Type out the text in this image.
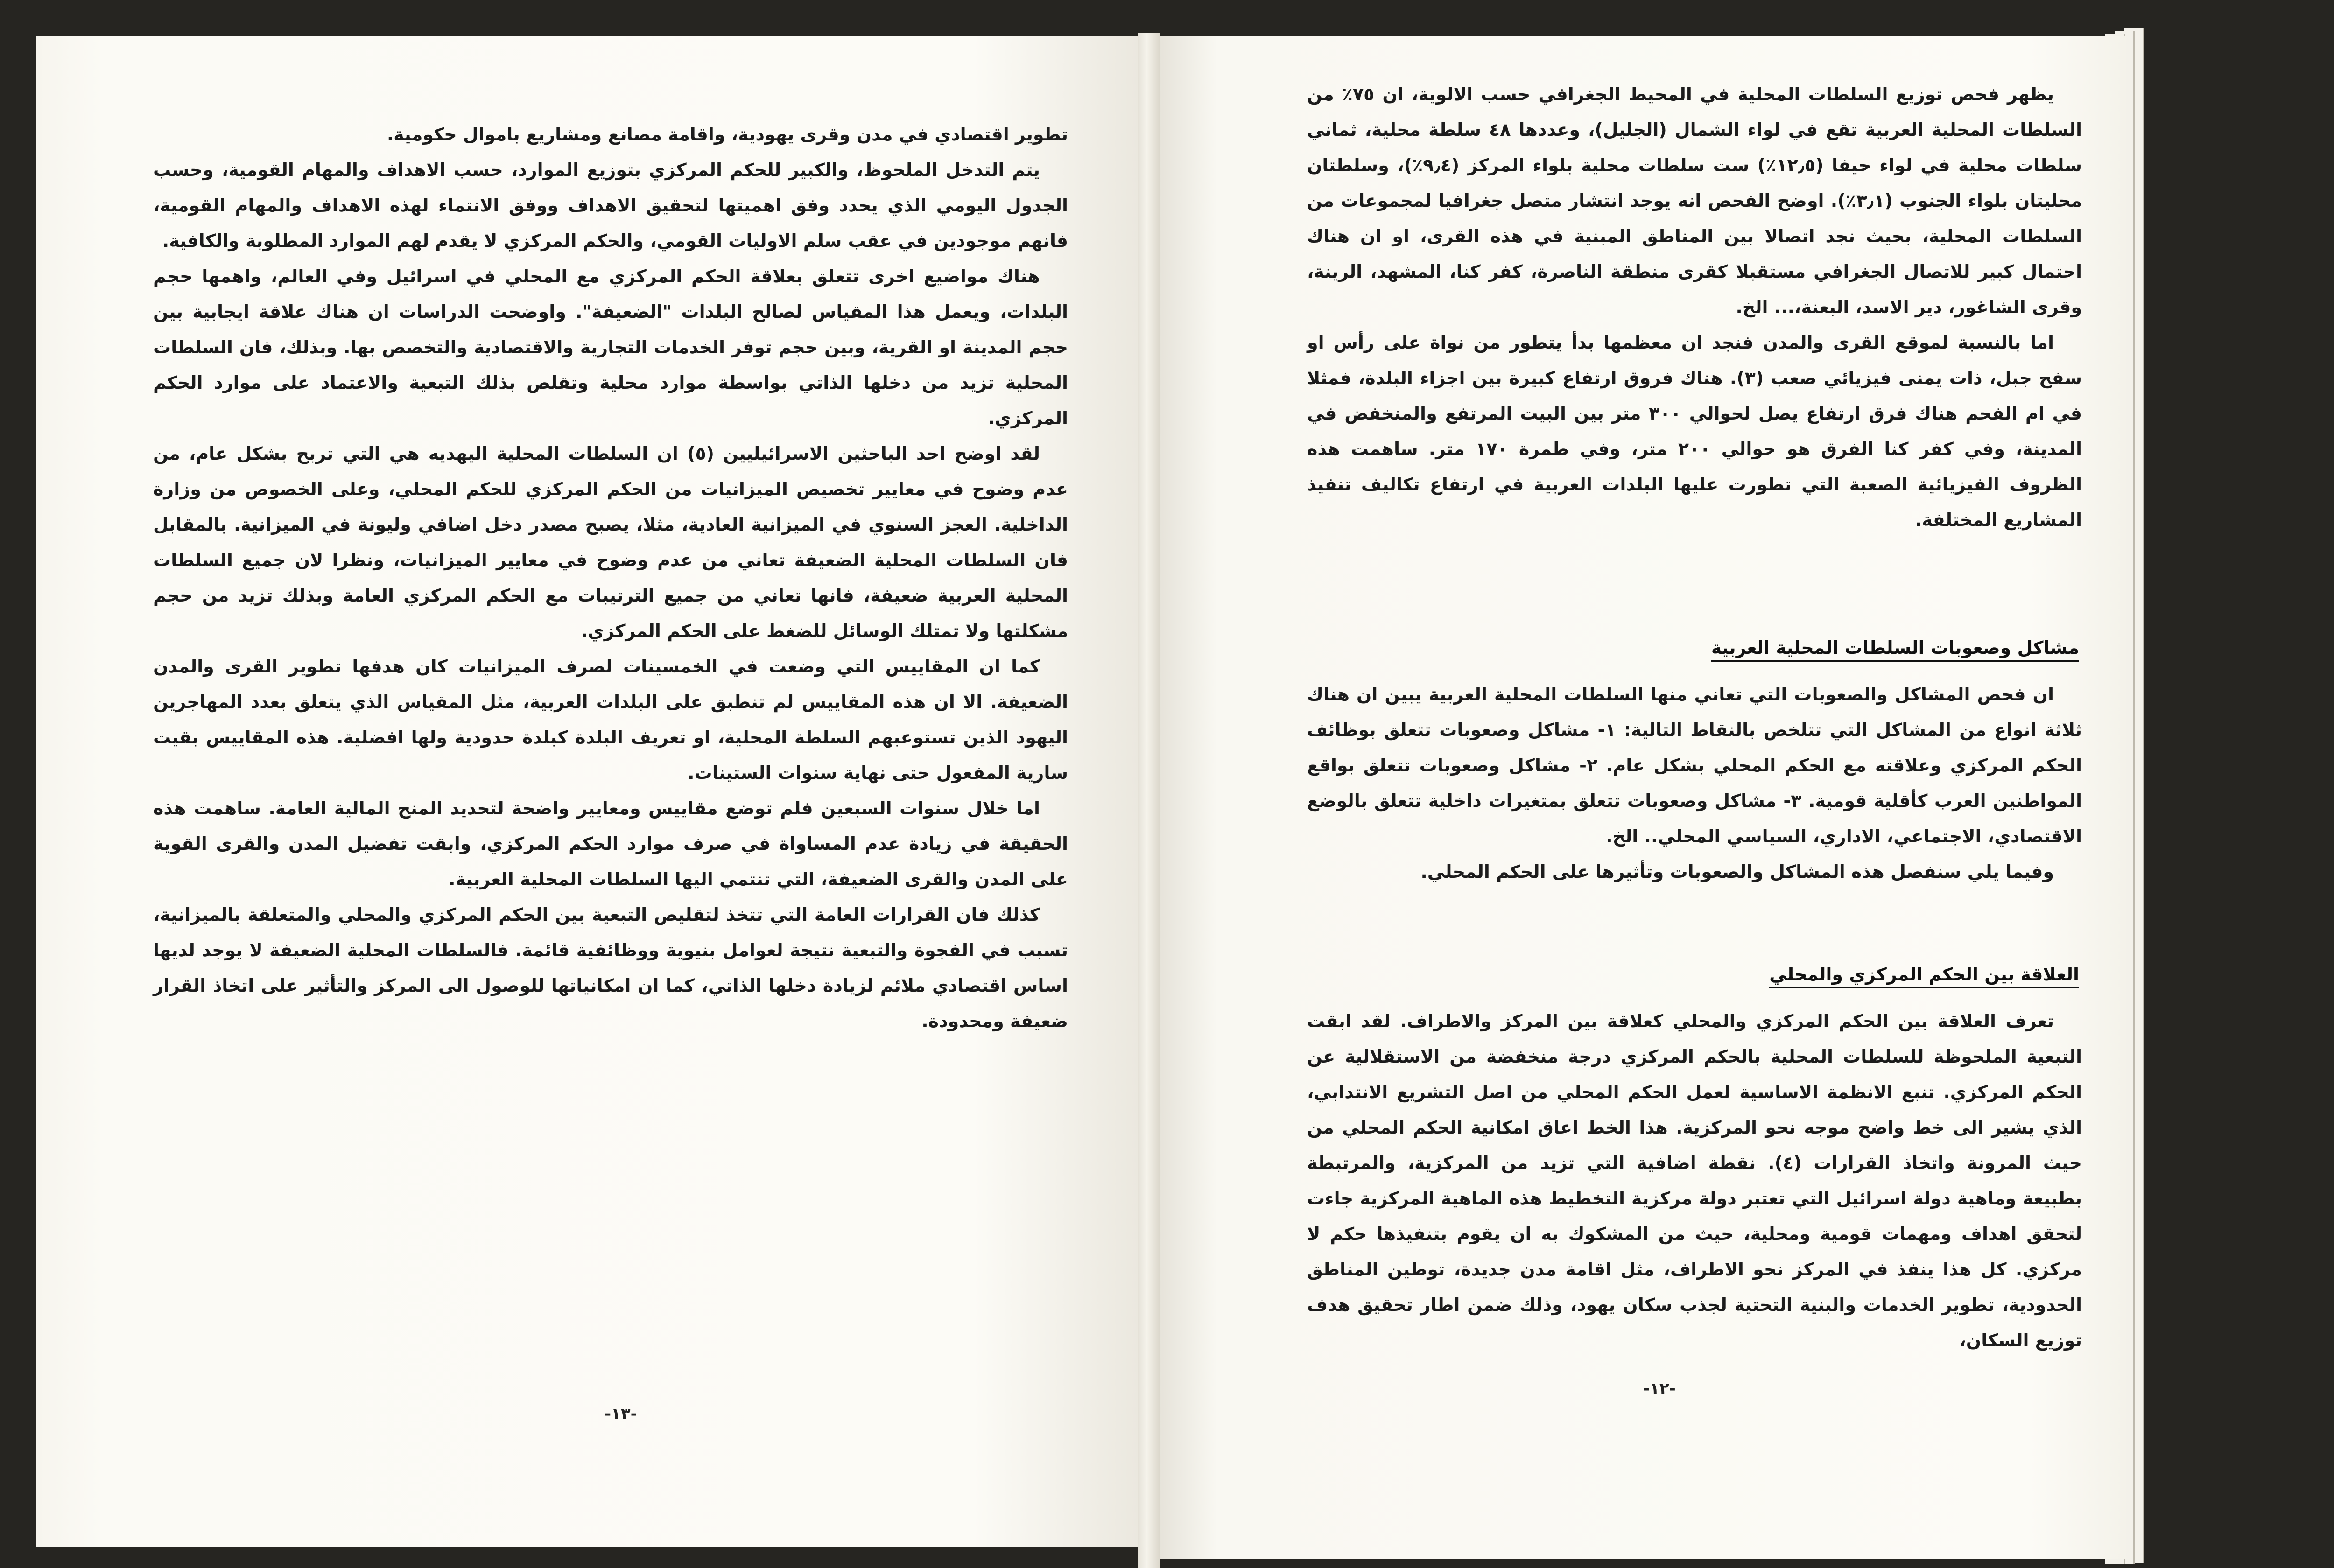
تطوير اقتصادي في مدن وقرى يهودية، واقامة مصانع ومشاريع باموال حكومية.

يتم التدخل الملحوظ، والكبير للحكم المركزي بتوزيع الموارد، حسب الاهداف والمهام القومية، وحسب الجدول اليومي الذي يحدد وفق اهميتها لتحقيق الاهداف ووفق الانتماء لهذه الاهداف والمهام القومية، فانهم موجودين في عقب سلم الاوليات القومي، والحكم المركزي لا يقدم لهم الموارد المطلوبة والكافية.

هناك مواضيع اخرى تتعلق بعلاقة الحكم المركزي مع المحلي في اسرائيل وفي العالم، واهمها حجم البلدات، ويعمل هذا المقياس لصالح البلدات "الضعيفة". واوضحت الدراسات ان هناك علاقة ايجابية بين حجم المدينة او القرية، وبين حجم توفر الخدمات التجارية والاقتصادية والتخصص بها. وبذلك، فان السلطات المحلية تزيد من دخلها الذاتي بواسطة موارد محلية وتقلص بذلك التبعية والاعتماد على موارد الحكم المركزي.

لقد اوضح احد الباحثين الاسرائيليين (٥) ان السلطات المحلية اليهديه هي التي تربح بشكل عام، من عدم وضوح في معايير تخصيص الميزانيات من الحكم المركزي للحكم المحلي، وعلى الخصوص من وزارة الداخلية. العجز السنوي في الميزانية العادية، مثلا، يصبح مصدر دخل اضافي وليونة في الميزانية. بالمقابل فان السلطات المحلية الضعيفة تعاني من عدم وضوح في معايير الميزانيات، ونظرا لان جميع السلطات المحلية العربية ضعيفة، فانها تعاني من جميع الترتيبات مع الحكم المركزي العامة وبذلك تزيد من حجم مشكلتها ولا تمتلك الوسائل للضغط على الحكم المركزي.

كما ان المقاييس التي وضعت في الخمسينات لصرف الميزانيات كان هدفها تطوير القرى والمدن الضعيفة. الا ان هذه المقاييس لم تنطبق على البلدات العربية، مثل المقياس الذي يتعلق بعدد المهاجرين اليهود الذين تستوعبهم السلطة المحلية، او تعريف البلدة كبلدة حدودية ولها افضلية. هذه المقاييس بقيت سارية المفعول حتى نهاية سنوات الستينات.

اما خلال سنوات السبعين فلم توضع مقاييس ومعايير واضحة لتحديد المنح المالية العامة. ساهمت هذه الحقيقة في زيادة عدم المساواة في صرف موارد الحكم المركزي، وابقت تفضيل المدن والقرى القوية على المدن والقرى الضعيفة، التي تنتمي اليها السلطات المحلية العربية.

كذلك فان القرارات العامة التي تتخذ لتقليص التبعية بين الحكم المركزي والمحلي والمتعلقة بالميزانية، تسبب في الفجوة والتبعية نتيجة لعوامل بنيوية ووظائفية قائمة. فالسلطات المحلية الضعيفة لا يوجد لديها اساس اقتصادي ملائم لزيادة دخلها الذاتي، كما ان امكانياتها للوصول الى المركز والتأثير على اتخاذ القرار ضعيفة ومحدودة.

-١٣-

يظهر فحص توزيع السلطات المحلية في المحيط الجغرافي حسب الالوية، ان ٧٥٪ من السلطات المحلية العربية تقع في لواء الشمال (الجليل)، وعددها ٤٨ سلطة محلية، ثماني سلطات محلية في لواء حيفا (١٢٫٥٪) ست سلطات محلية بلواء المركز (٩٫٤٪)، وسلطتان محليتان بلواء الجنوب (٣٫١٪). اوضح الفحص انه يوجد انتشار متصل جغرافيا لمجموعات من السلطات المحلية، بحيث نجد اتصالا بين المناطق المبنية في هذه القرى، او ان هناك احتمال كبير للاتصال الجغرافي مستقبلا كقرى منطقة الناصرة، كفر كنا، المشهد، الرينة، وقرى الشاغور، دير الاسد، البعنة،... الخ.

اما بالنسبة لموقع القرى والمدن فنجد ان معظمها بدأ يتطور من نواة على رأس او سفح جبل، ذات يمنى فيزيائي صعب (٣). هناك فروق ارتفاع كبيرة بين اجزاء البلدة، فمثلا في ام الفحم هناك فرق ارتفاع يصل لحوالي ٣٠٠ متر بين البيت المرتفع والمنخفض في المدينة، وفي كفر كنا الفرق هو حوالي ٢٠٠ متر، وفي طمرة ١٧٠ متر. ساهمت هذه الظروف الفيزيائية الصعبة التي تطورت عليها البلدات العربية في ارتفاع تكاليف تنفيذ المشاريع المختلفة.

مشاكل وصعوبات السلطات المحلية العربية

ان فحص المشاكل والصعوبات التي تعاني منها السلطات المحلية العربية يبين ان هناك ثلاثة انواع من المشاكل التي تتلخص بالنقاط التالية: ١- مشاكل وصعوبات تتعلق بوظائف الحكم المركزي وعلاقته مع الحكم المحلي بشكل عام. ٢- مشاكل وصعوبات تتعلق بواقع المواطنين العرب كأقلية قومية. ٣- مشاكل وصعوبات تتعلق بمتغيرات داخلية تتعلق بالوضع الاقتصادي، الاجتماعي، الاداري، السياسي المحلي.. الخ.

وفيما يلي سنفصل هذه المشاكل والصعوبات وتأثيرها على الحكم المحلي.

العلاقة بين الحكم المركزي والمحلي

تعرف العلاقة بين الحكم المركزي والمحلي كعلاقة بين المركز والاطراف. لقد ابقت التبعية الملحوظة للسلطات المحلية بالحكم المركزي درجة منخفضة من الاستقلالية عن الحكم المركزي. تنبع الانظمة الاساسية لعمل الحكم المحلي من اصل التشريع الانتدابي، الذي يشير الى خط واضح موجه نحو المركزية. هذا الخط اعاق امكانية الحكم المحلي من حيث المرونة واتخاذ القرارات (٤). نقطة اضافية التي تزيد من المركزية، والمرتبطة بطبيعة وماهية دولة اسرائيل التي تعتبر دولة مركزية التخطيط هذه الماهية المركزية جاءت لتحقق اهداف ومهمات قومية ومحلية، حيث من المشكوك به ان يقوم بتنفيذها حكم لا مركزي. كل هذا ينفذ في المركز نحو الاطراف، مثل اقامة مدن جديدة، توطين المناطق الحدودية، تطوير الخدمات والبنية التحتية لجذب سكان يهود، وذلك ضمن اطار تحقيق هدف توزيع السكان،

-١٢-
